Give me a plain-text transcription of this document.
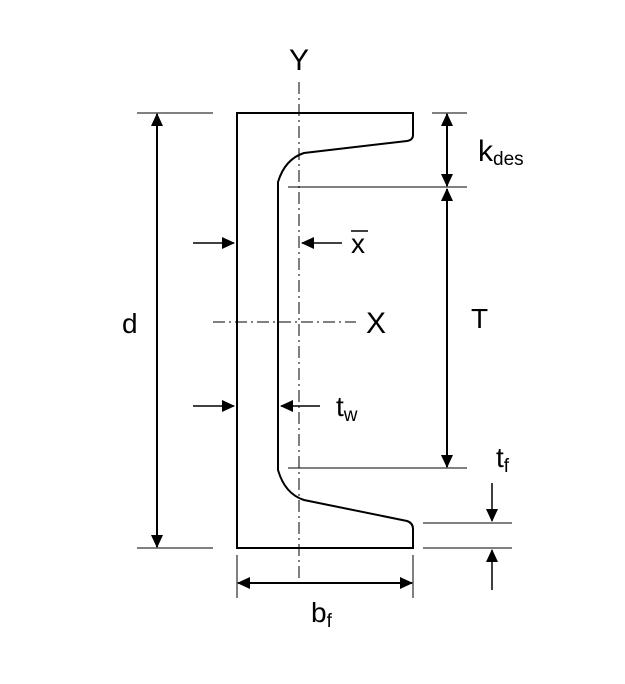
Y
X
d
kdes
T
x
tw
tf
bf
